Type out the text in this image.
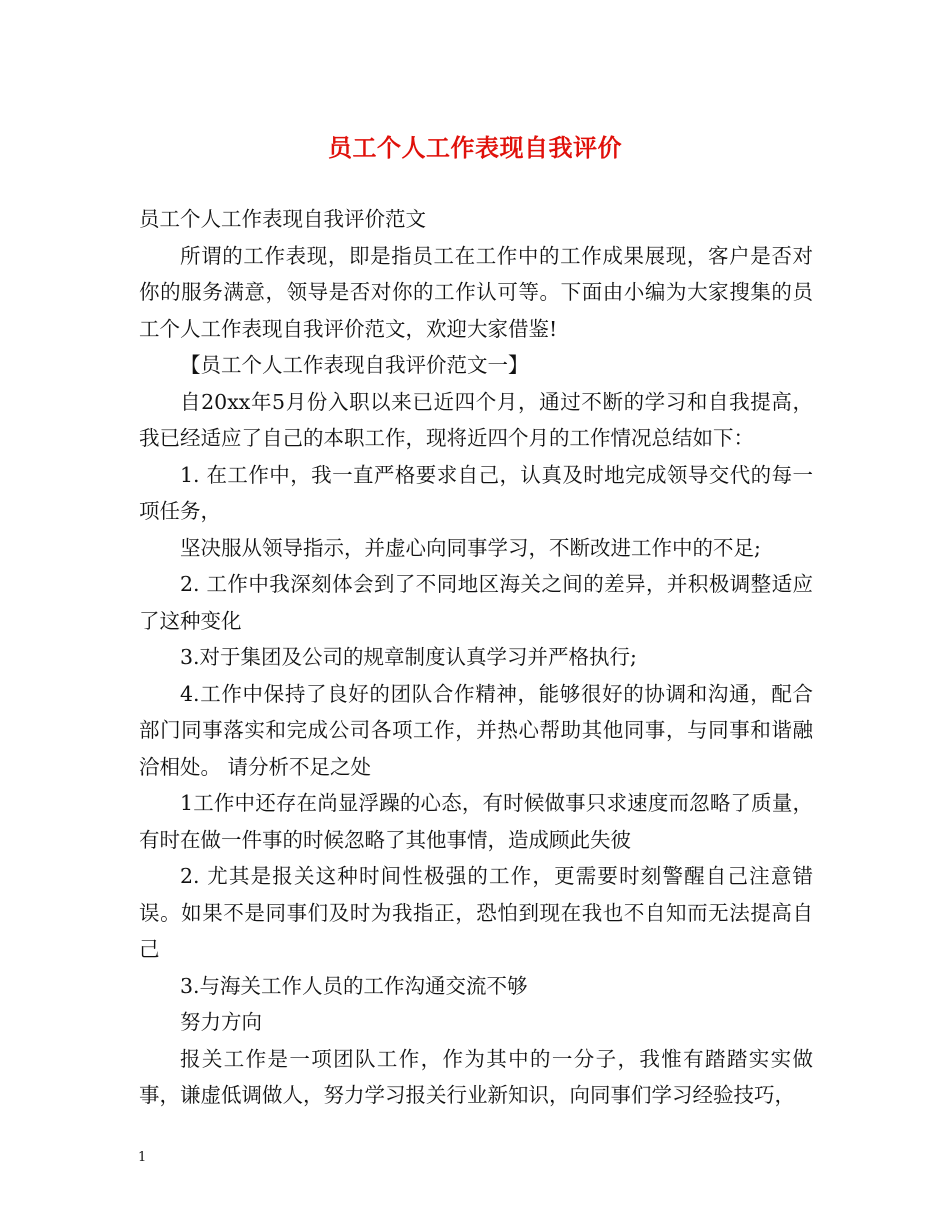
员工个人工作表现自我评价

员工个人工作表现自我评价范文

所谓的工作表现，即是指员工在工作中的工作成果展现，客户是否对你的服务满意，领导是否对你的工作认可等。下面由小编为大家搜集的员工个人工作表现自我评价范文，欢迎大家借鉴!

【员工个人工作表现自我评价范文一】

自20xx年5月份入职以来已近四个月，通过不断的学习和自我提高，我已经适应了自己的本职工作，现将近四个月的工作情况总结如下：

1. 在工作中，我一直严格要求自己，认真及时地完成领导交代的每一项任务，

坚决服从领导指示，并虚心向同事学习，不断改进工作中的不足;

2. 工作中我深刻体会到了不同地区海关之间的差异，并积极调整适应了这种变化

3.对于集团及公司的规章制度认真学习并严格执行;

4.工作中保持了良好的团队合作精神，能够很好的协调和沟通，配合部门同事落实和完成公司各项工作，并热心帮助其他同事，与同事和谐融洽相处。 请分析不足之处

1工作中还存在尚显浮躁的心态，有时候做事只求速度而忽略了质量，有时在做一件事的时候忽略了其他事情，造成顾此失彼

2. 尤其是报关这种时间性极强的工作，更需要时刻警醒自己注意错误。如果不是同事们及时为我指正，恐怕到现在我也不自知而无法提高自己

3.与海关工作人员的工作沟通交流不够

努力方向

报关工作是一项团队工作，作为其中的一分子，我惟有踏踏实实做事，谦虚低调做人，努力学习报关行业新知识，向同事们学习经验技巧，

1
